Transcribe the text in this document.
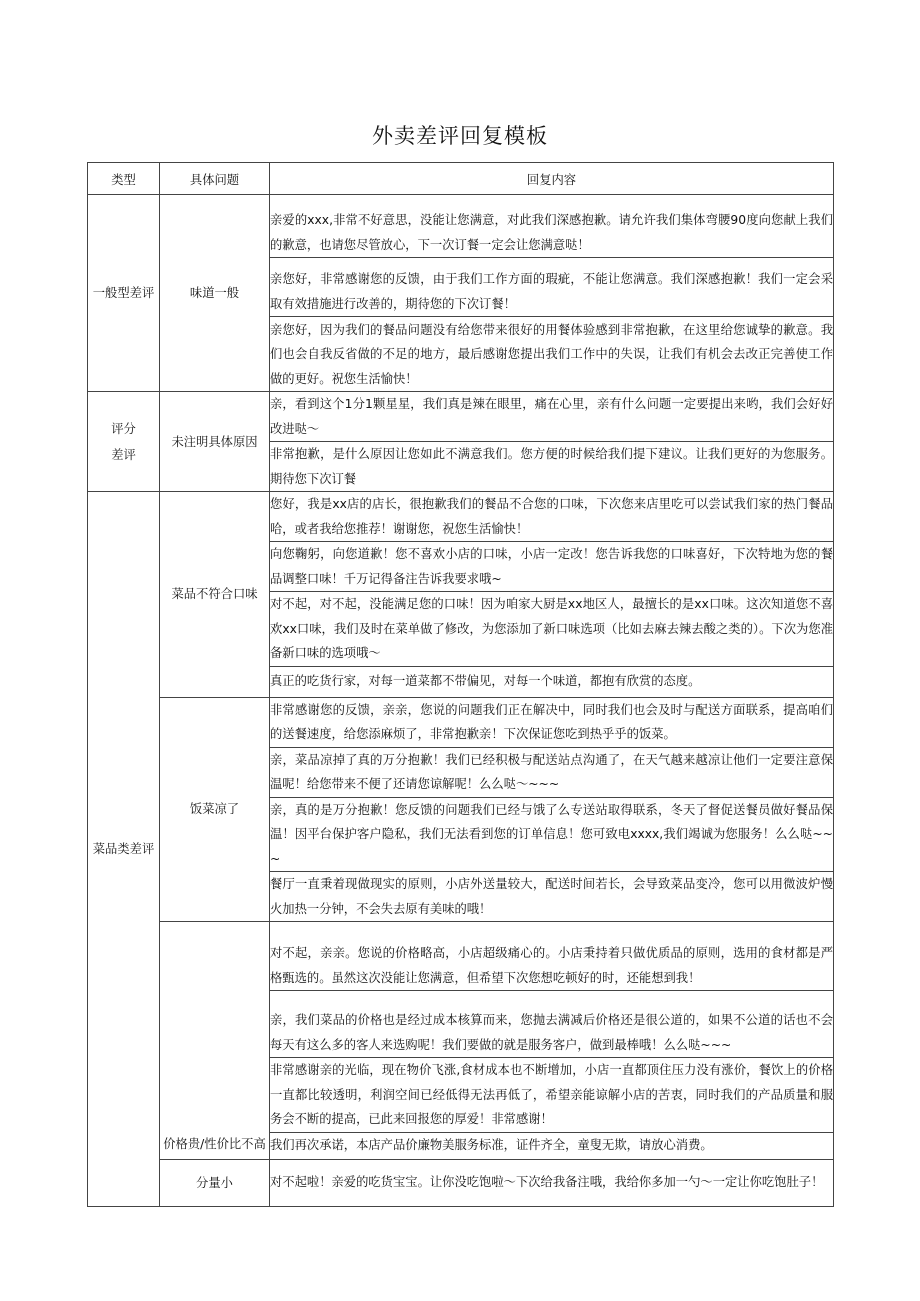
外卖差评回复模板
类型	具体问题	回复内容
一般型差评	味道一般	亲爱的xxx,非常不好意思，没能让您满意，对此我们深感抱歉。请允许我们集体弯腰90度向您献上我们的歉意，也请您尽管放心，下一次订餐一定会让您满意哒！
		亲您好，非常感谢您的反馈，由于我们工作方面的瑕疵，不能让您满意。我们深感抱歉！我们一定会采取有效措施进行改善的，期待您的下次订餐！
		亲您好，因为我们的餐品问题没有给您带来很好的用餐体验感到非常抱歉，在这里给您诚挚的歉意。我们也会自我反省做的不足的地方，最后感谢您提出我们工作中的失误，让我们有机会去改正完善使工作做的更好。祝您生活愉快！

评分
差评	未注明具体原因	亲，看到这个1分1颗星星，我们真是辣在眼里，痛在心里，亲有什么问题一定要提出来哟，我们会好好改进哒～
		非常抱歉，是什么原因让您如此不满意我们。您方便的时候给我们提下建议。让我们更好的为您服务。期待您下次订餐
菜品类差评	菜品不符合口味	您好，我是xx店的店长，很抱歉我们的餐品不合您的口味，下次您来店里吃可以尝试我们家的热门餐品哈，或者我给您推荐！谢谢您，祝您生活愉快！
		向您鞠躬，向您道歉！您不喜欢小店的口味，小店一定改！您告诉我您的口味喜好，下次特地为您的餐品调整口味！千万记得备注告诉我要求哦~
		对不起，对不起，没能满足您的口味！因为咱家大厨是xx地区人，最擅长的是xx口味。这次知道您不喜欢xx口味，我们及时在菜单做了修改，为您添加了新口味选项（比如去麻去辣去酸之类的）。下次为您准备新口味的选项哦～
		真正的吃货行家，对每一道菜都不带偏见，对每一个味道，都抱有欣赏的态度。
	饭菜凉了	非常感谢您的反馈，亲亲，您说的问题我们正在解决中，同时我们也会及时与配送方面联系，提高咱们的送餐速度，给您添麻烦了，非常抱歉亲！下次保证您吃到热乎乎的饭菜。
		亲，菜品凉掉了真的万分抱歉！我们已经积极与配送站点沟通了，在天气越来越凉让他们一定要注意保温呢！给您带来不便了还请您谅解呢！么么哒～~~~
		亲，真的是万分抱歉！您反馈的问题我们已经与饿了么专送站取得联系，冬天了督促送餐员做好餐品保温！因平台保护客户隐私，我们无法看到您的订单信息！您可致电xxxx,我们竭诚为您服务！么么哒~~~
		餐厅一直秉着现做现实的原则，小店外送量较大，配送时间若长，会导致菜品变冷，您可以用微波炉慢火加热一分钟，不会失去原有美味的哦！
	价格贵/性价比不高	对不起，亲亲。您说的价格略高，小店超级痛心的。小店秉持着只做优质品的原则，选用的食材都是严格甄选的。虽然这次没能让您满意，但希望下次您想吃顿好的时，还能想到我！
		亲，我们菜品的价格也是经过成本核算而来，您抛去满减后价格还是很公道的，如果不公道的话也不会每天有这么多的客人来选购呢！我们要做的就是服务客户，做到最棒哦！么么哒~~~
		非常感谢亲的光临，现在物价飞涨,食材成本也不断增加，小店一直都顶住压力没有涨价，餐饮上的价格一直都比较透明，利润空间已经低得无法再低了，希望亲能谅解小店的苦衷，同时我们的产品质量和服务会不断的提高，已此来回报您的厚爱！非常感谢！
		我们再次承诺，本店产品价廉物美服务标准，证件齐全，童叟无欺，请放心消费。
	分量小	对不起啦！亲爱的吃货宝宝。让你没吃饱啦～下次给我备注哦，我给你多加一勺～一定让你吃饱肚子！
